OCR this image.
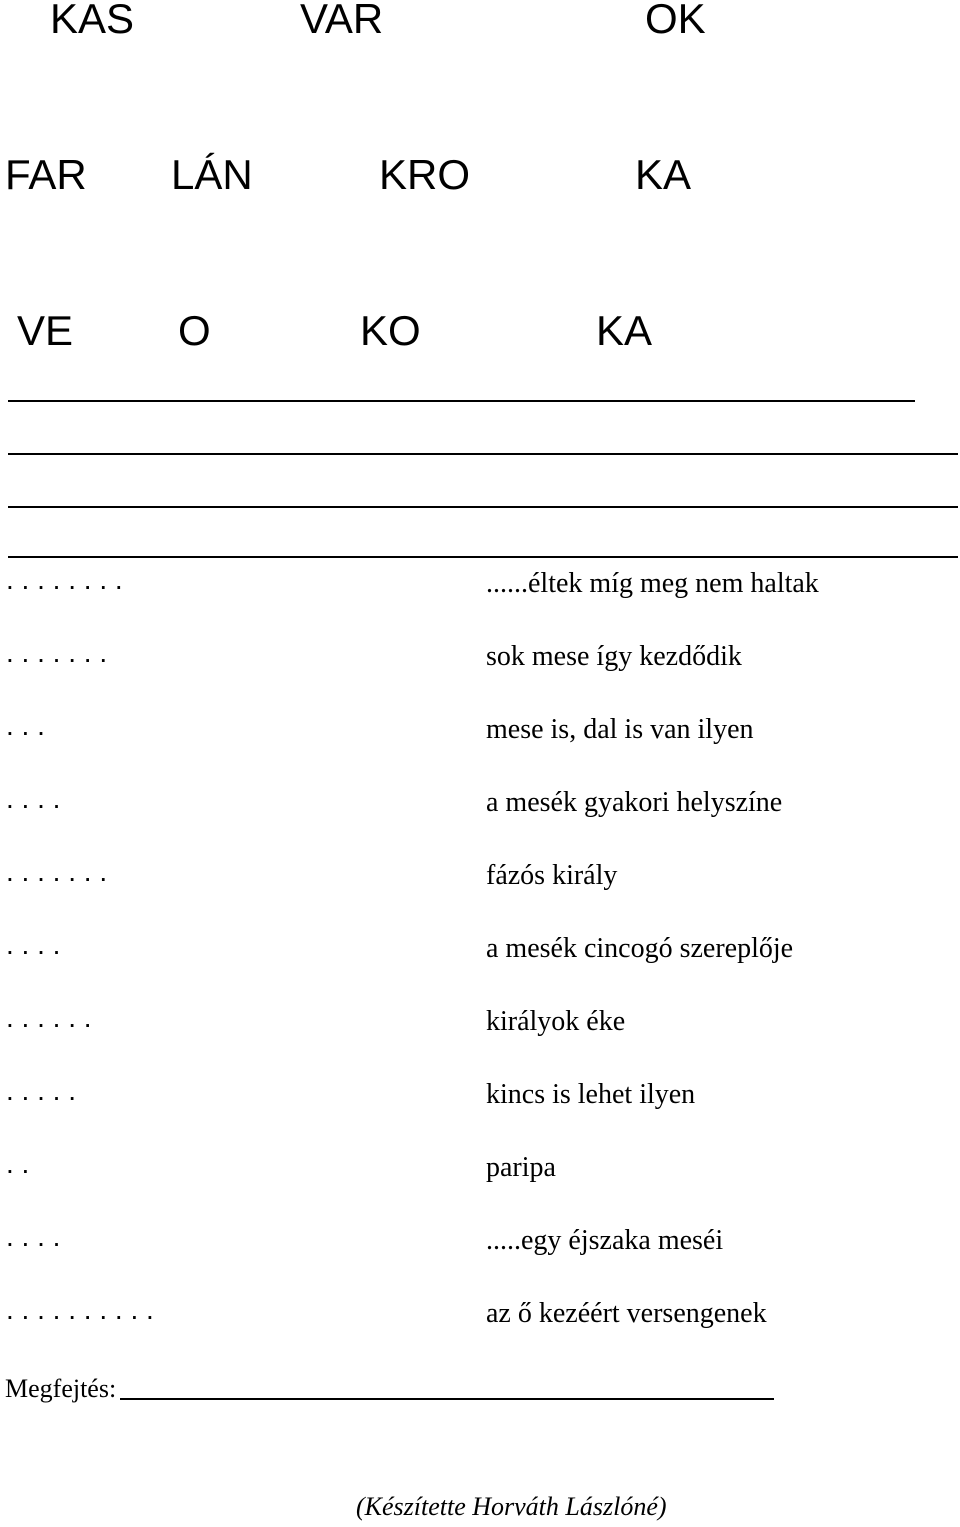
KAS	VAR	OK
FAR LÁN	KRO	KA
VE O	KO	KA
. . . . . . . .	......éltek míg meg nem haltak
. . . . . . .	sok mese így kezdődik
. . .	mese is, dal is van ilyen
. . . .	a mesék gyakori helyszíne
. . . . . . .	fázós király
. . . .	a mesék cincogó szereplője
. . . . . .	királyok éke
. . . . .	kincs is lehet ilyen
. .	paripa
. . . .	.....egy éjszaka meséi
. . . . . . . . . .	az ő kezéért versengenek
Megfejtés:
(Készítette Horváth Lászlóné)
